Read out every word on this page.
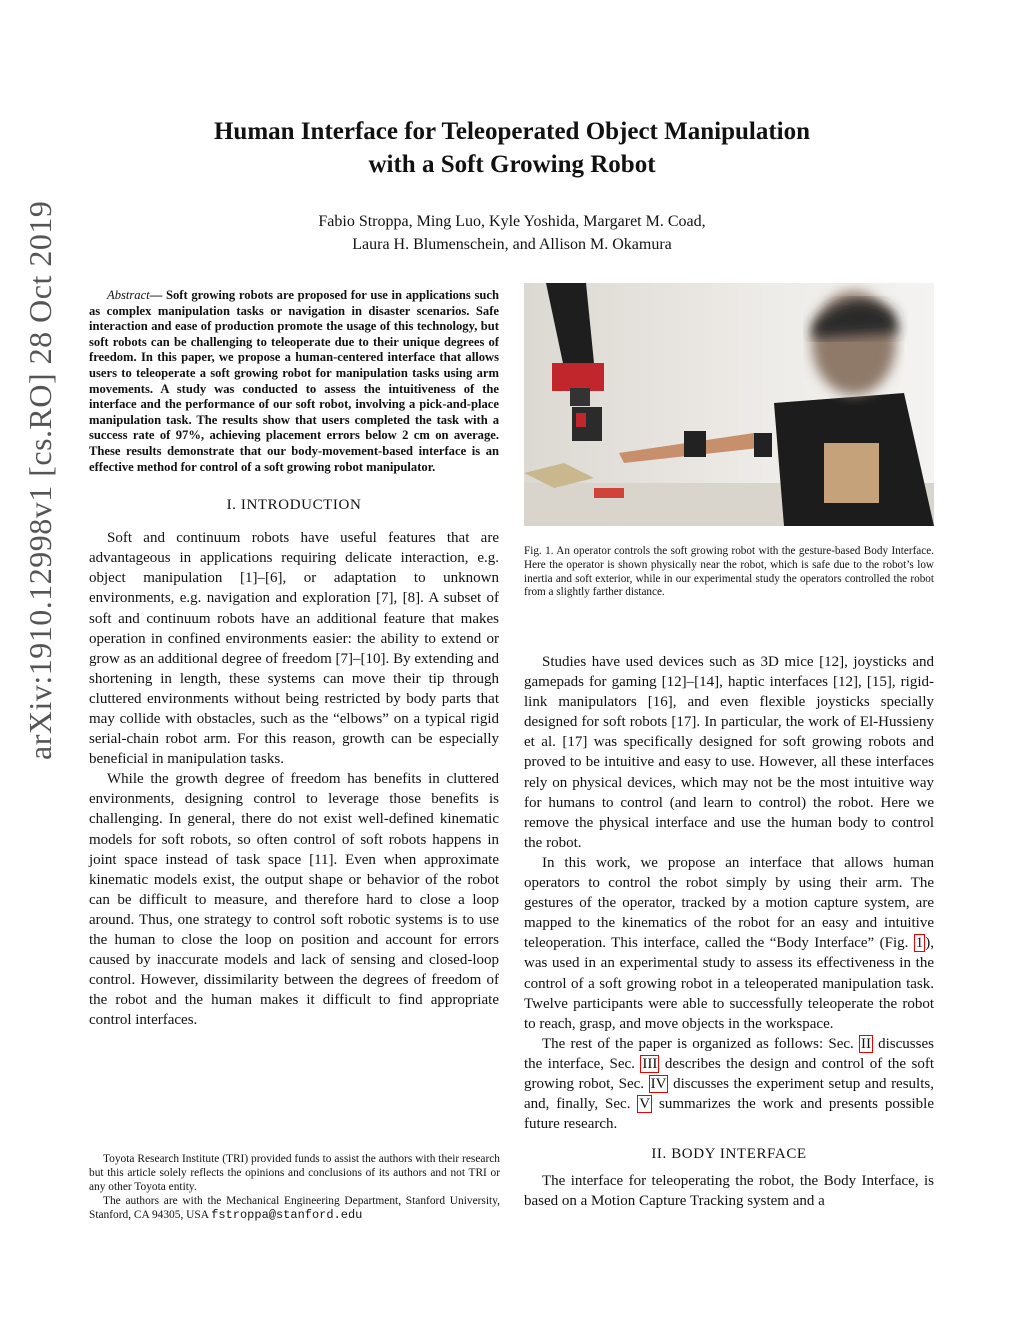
arXiv:1910.12998v1 [cs.RO] 28 Oct 2019
Human Interface for Teleoperated Object Manipulation
with a Soft Growing Robot
Fabio Stroppa, Ming Luo, Kyle Yoshida, Margaret M. Coad,
Laura H. Blumenschein, and Allison M. Okamura

Abstract— Soft growing robots are proposed for use in applications such as complex manipulation tasks or navigation in disaster scenarios. Safe interaction and ease of production promote the usage of this technology, but soft robots can be challenging to teleoperate due to their unique degrees of freedom. In this paper, we propose a human-centered interface that allows users to teleoperate a soft growing robot for manipulation tasks using arm movements. A study was conducted to assess the intuitiveness of the interface and the performance of our soft robot, involving a pick-and-place manipulation task. The results show that users completed the task with a success rate of 97%, achieving placement errors below 2 cm on average. These results demonstrate that our body-movement-based interface is an effective method for control of a soft growing robot manipulator.

I. INTRODUCTION

Soft and continuum robots have useful features that are advantageous in applications requiring delicate interaction, e.g. object manipulation [1]–[6], or adaptation to unknown environments, e.g. navigation and exploration [7], [8]. A subset of soft and continuum robots have an additional feature that makes operation in confined environments easier: the ability to extend or grow as an additional degree of freedom [7]–[10]. By extending and shortening in length, these systems can move their tip through cluttered environments without being restricted by body parts that may collide with obstacles, such as the “elbows” on a typical rigid serial-chain robot arm. For this reason, growth can be especially beneficial in manipulation tasks.

While the growth degree of freedom has benefits in cluttered environments, designing control to leverage those benefits is challenging. In general, there do not exist well-defined kinematic models for soft robots, so often control of soft robots happens in joint space instead of task space [11]. Even when approximate kinematic models exist, the output shape or behavior of the robot can be difficult to measure, and therefore hard to close a loop around. Thus, one strategy to control soft robotic systems is to use the human to close the loop on position and account for errors caused by inaccurate models and lack of sensing and closed-loop control. However, dissimilarity between the degrees of freedom of the robot and the human makes it difficult to find appropriate control interfaces.

Toyota Research Institute (TRI) provided funds to assist the authors with their research but this article solely reflects the opinions and conclusions of its authors and not TRI or any other Toyota entity.

The authors are with the Mechanical Engineering Department, Stanford University, Stanford, CA 94305, USA fstroppa@stanford.edu

Fig. 1. An operator controls the soft growing robot with the gesture-based Body Interface. Here the operator is shown physically near the robot, which is safe due to the robot’s low inertia and soft exterior, while in our experimental study the operators controlled the robot from a slightly farther distance.

Studies have used devices such as 3D mice [12], joysticks and gamepads for gaming [12]–[14], haptic interfaces [12], [15], rigid-link manipulators [16], and even flexible joysticks specially designed for soft robots [17]. In particular, the work of El-Hussieny et al. [17] was specifically designed for soft growing robots and proved to be intuitive and easy to use. However, all these interfaces rely on physical devices, which may not be the most intuitive way for humans to control (and learn to control) the robot. Here we remove the physical interface and use the human body to control the robot.

In this work, we propose an interface that allows human operators to control the robot simply by using their arm. The gestures of the operator, tracked by a motion capture system, are mapped to the kinematics of the robot for an easy and intuitive teleoperation. This interface, called the “Body Interface” (Fig. 1 ), was used in an experimental study to assess its effectiveness in the control of a soft growing robot in a teleoperated manipulation task. Twelve participants were able to successfully teleoperate the robot to reach, grasp, and move objects in the workspace.

The rest of the paper is organized as follows: Sec. II discusses the interface, Sec. III describes the design and control of the soft growing robot, Sec. IV discusses the experiment setup and results, and, finally, Sec. V summarizes the work and presents possible future research.

II. BODY INTERFACE

The interface for teleoperating the robot, the Body Interface, is based on a Motion Capture Tracking system and a
